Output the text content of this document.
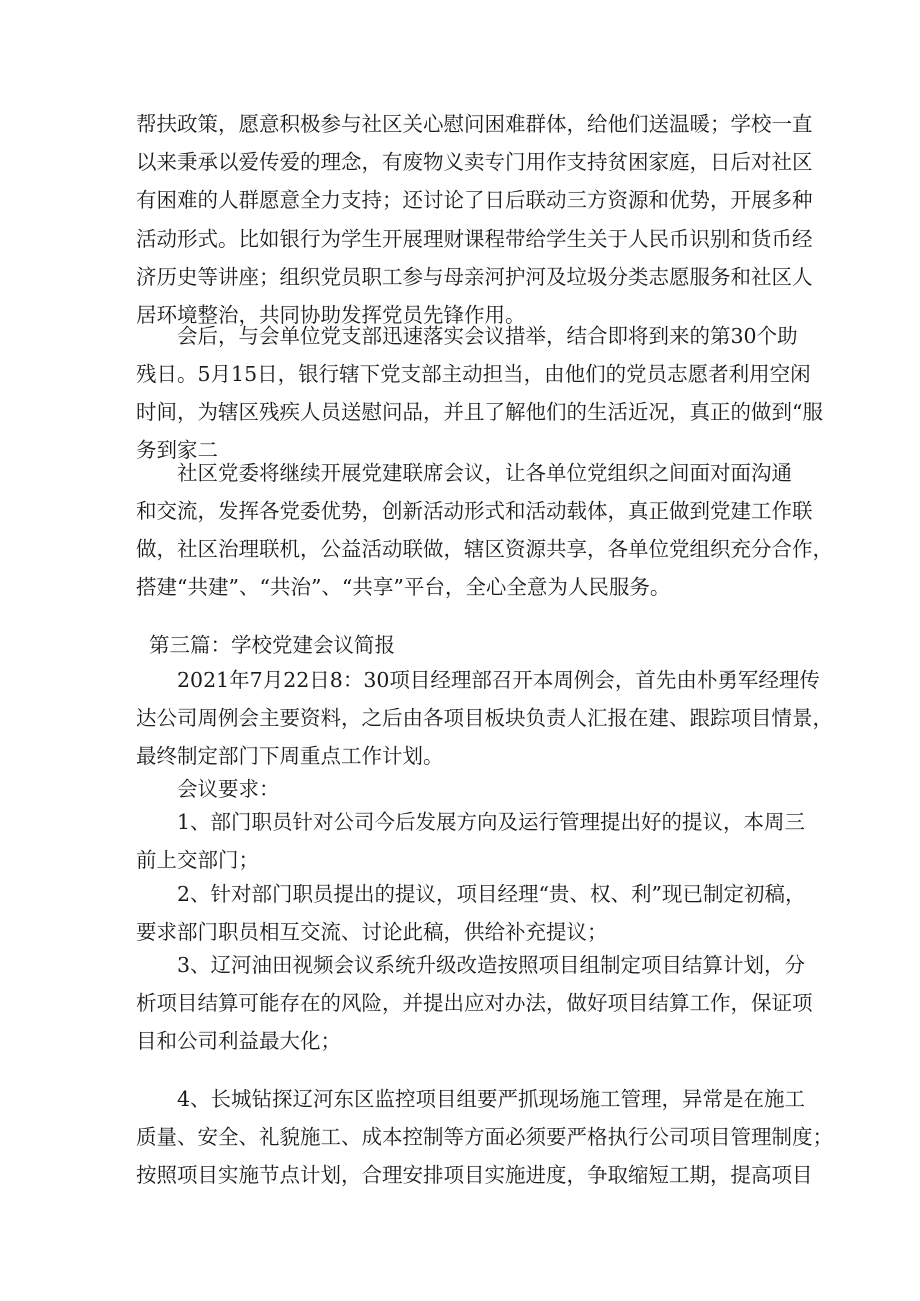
帮扶政策，愿意积极参与社区关心慰问困难群体，给他们送温暖；学校一直
以来秉承以爱传爱的理念，有废物义卖专门用作支持贫困家庭，日后对社区
有困难的人群愿意全力支持；还讨论了日后联动三方资源和优势，开展多种
活动形式。比如银行为学生开展理财课程带给学生关于人民币识别和货币经
济历史等讲座；组织党员职工参与母亲河护河及垃圾分类志愿服务和社区人
居环境整治，共同协助发挥党员先锋作用。
会后，与会单位党支部迅速落实会议措举，结合即将到来的第30个助
残日。5月15日，银行辖下党支部主动担当，由他们的党员志愿者利用空闲
时间，为辖区残疾人员送慰问品，并且了解他们的生活近况，真正的做到“服
务到家二
社区党委将继续开展党建联席会议，让各单位党组织之间面对面沟通
和交流，发挥各党委优势，创新活动形式和活动载体，真正做到党建工作联
做，社区治理联机，公益活动联做，辖区资源共享，各单位党组织充分合作，
搭建“共建”、“共治”、“共享”平台，全心全意为人民服务。
第三篇：学校党建会议简报
2021年7月22日8：30项目经理部召开本周例会，首先由朴勇军经理传
达公司周例会主要资料，之后由各项目板块负责人汇报在建、跟踪项目情景，
最终制定部门下周重点工作计划。
会议要求：
1、部门职员针对公司今后发展方向及运行管理提出好的提议，本周三
前上交部门；
2、针对部门职员提出的提议，项目经理“贵、权、利”现已制定初稿，
要求部门职员相互交流、讨论此稿，供给补充提议；
3、辽河油田视频会议系统升级改造按照项目组制定项目结算计划，分
析项目结算可能存在的风险，并提出应对办法，做好项目结算工作，保证项
目和公司利益最大化；
4、长城钻探辽河东区监控项目组要严抓现场施工管理，异常是在施工
质量、安全、礼貌施工、成本控制等方面必须要严格执行公司项目管理制度；
按照项目实施节点计划，合理安排项目实施进度，争取缩短工期，提高项目
